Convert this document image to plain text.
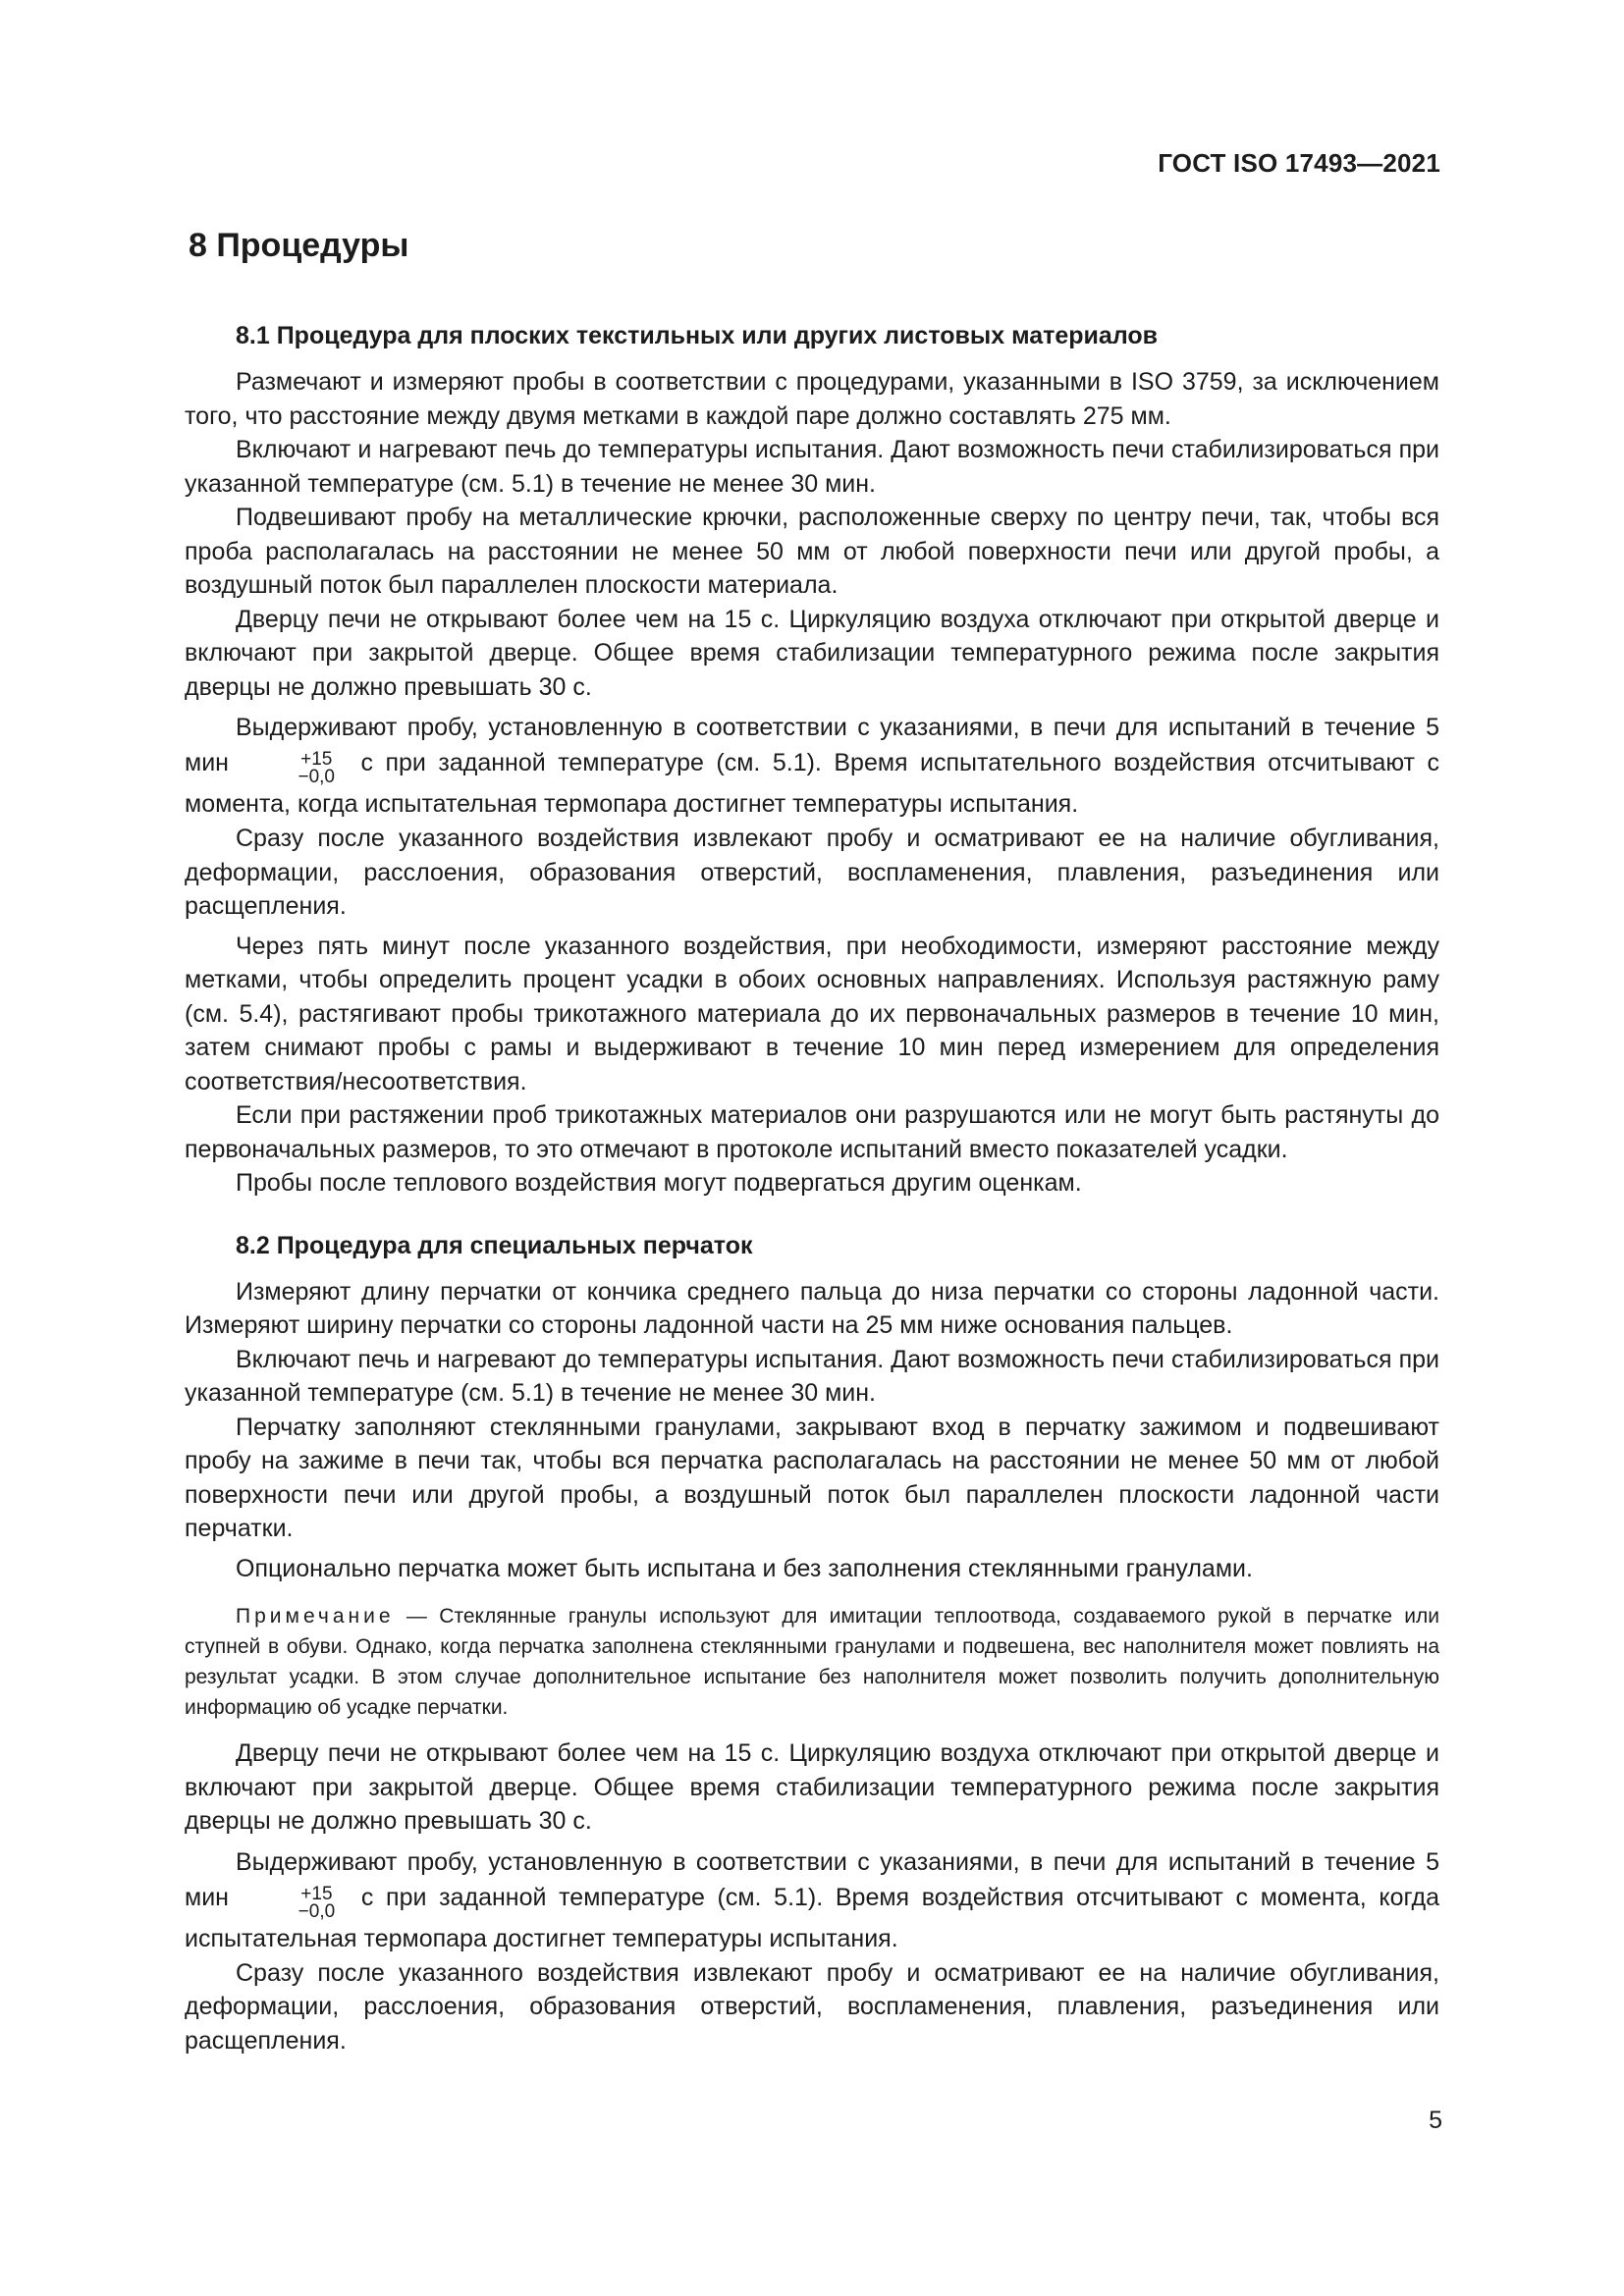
ГОСТ ISO 17493—2021
8 Процедуры
8.1 Процедура для плоских текстильных или других листовых материалов

Размечают и измеряют пробы в соответствии с процедурами, указанными в ISO 3759, за исключением того, что расстояние между двумя метками в каждой паре должно составлять 275 мм.

Включают и нагревают печь до температуры испытания. Дают возможность печи стабилизироваться при указанной температуре (см. 5.1) в течение не менее 30 мин.

Подвешивают пробу на металлические крючки, расположенные сверху по центру печи, так, чтобы вся проба располагалась на расстоянии не менее 50 мм от любой поверхности печи или другой пробы, а воздушный поток был параллелен плоскости материала.

Дверцу печи не открывают более чем на 15 с. Циркуляцию воздуха отключают при открытой дверце и включают при закрытой дверце. Общее время стабилизации температурного режима после закрытия дверцы не должно превышать 30 с.

Выдерживают пробу, установленную в соответствии с указаниями, в печи для испытаний в течение 5 мин	+15
−0,0
с при заданной температуре (см. 5.1). Время испытательного воздействия отсчитывают с момента, когда испытательная термопара достигнет температуры испытания.

Сразу после указанного воздействия извлекают пробу и осматривают ее на наличие обугливания, деформации, расслоения, образования отверстий, воспламенения, плавления, разъединения или расщепления.

Через пять минут после указанного воздействия, при необходимости, измеряют расстояние между метками, чтобы определить процент усадки в обоих основных направлениях. Используя растяжную раму (см. 5.4), растягивают пробы трикотажного материала до их первоначальных размеров в течение 10 мин, затем снимают пробы с рамы и выдерживают в течение 10 мин перед измерением для определения соответствия/несоответствия.

Если при растяжении проб трикотажных материалов они разрушаются или не могут быть растянуты до первоначальных размеров, то это отмечают в протоколе испытаний вместо показателей усадки.

Пробы после теплового воздействия могут подвергаться другим оценкам.

8.2 Процедура для специальных перчаток

Измеряют длину перчатки от кончика среднего пальца до низа перчатки со стороны ладонной части. Измеряют ширину перчатки со стороны ладонной части на 25 мм ниже основания пальцев.

Включают печь и нагревают до температуры испытания. Дают возможность печи стабилизироваться при указанной температуре (см. 5.1) в течение не менее 30 мин.

Перчатку заполняют стеклянными гранулами, закрывают вход в перчатку зажимом и подвешивают пробу на зажиме в печи так, чтобы вся перчатка располагалась на расстоянии не менее 50 мм от любой поверхности печи или другой пробы, а воздушный поток был параллелен плоскости ладонной части перчатки.

Опционально перчатка может быть испытана и без заполнения стеклянными гранулами.

Примечание — Стеклянные гранулы используют для имитации теплоотвода, создаваемого рукой в перчатке или ступней в обуви. Однако, когда перчатка заполнена стеклянными гранулами и подвешена, вес наполнителя может повлиять на результат усадки. В этом случае дополнительное испытание без наполнителя может позволить получить дополнительную информацию об усадке перчатки.

Дверцу печи не открывают более чем на 15 с. Циркуляцию воздуха отключают при открытой дверце и включают при закрытой дверце. Общее время стабилизации температурного режима после закрытия дверцы не должно превышать 30 с.

Выдерживают пробу, установленную в соответствии с указаниями, в печи для испытаний в течение 5 мин	+15
−0,0
с при заданной температуре (см. 5.1). Время воздействия отсчитывают с момента, когда испытательная термопара достигнет температуры испытания.

Сразу после указанного воздействия извлекают пробу и осматривают ее на наличие обугливания, деформации, расслоения, образования отверстий, воспламенения, плавления, разъединения или расщепления.

5
